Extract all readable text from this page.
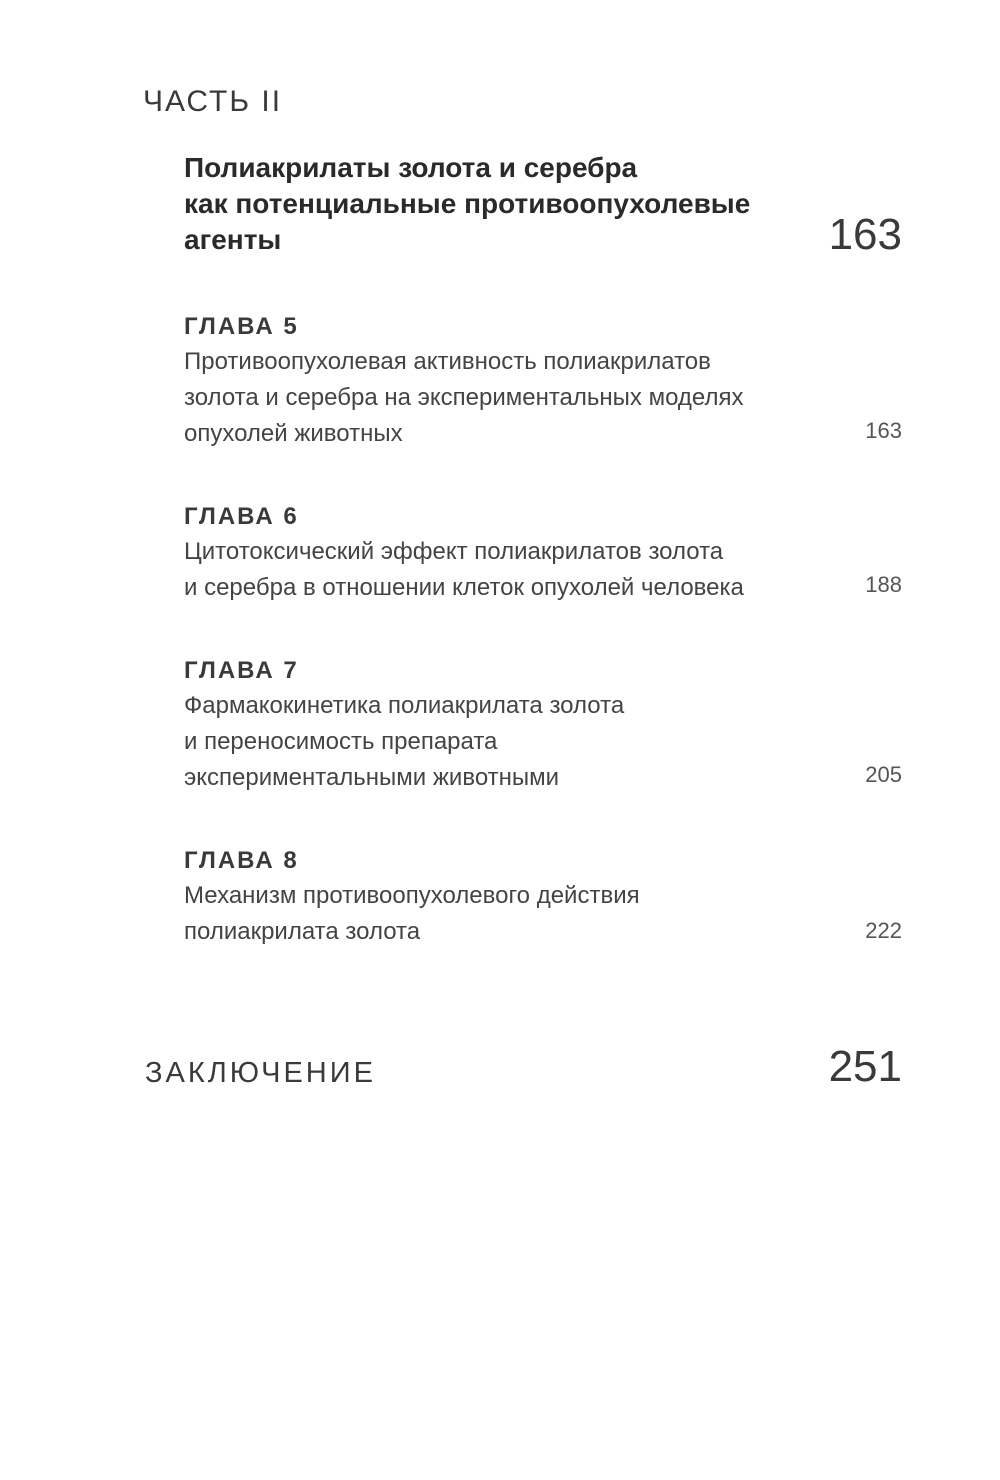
ЧАСТЬ II
Полиакрилаты золота и серебра
как потенциальные противоопухолевые
агенты	163
ГЛАВА 5

Противоопухолевая активность полиакрилатов
золота и серебра на экспериментальных моделях
опухолей животных	163
ГЛАВА 6

Цитотоксический эффект полиакрилатов золота
и серебра в отношении клеток опухолей человека	188
ГЛАВА 7

Фармакокинетика полиакрилата золота
и переносимость препарата
экспериментальными животными	205
ГЛАВА 8

Механизм противоопухолевого действия
полиакрилата золота	222
ЗАКЛЮЧЕНИЕ	251
